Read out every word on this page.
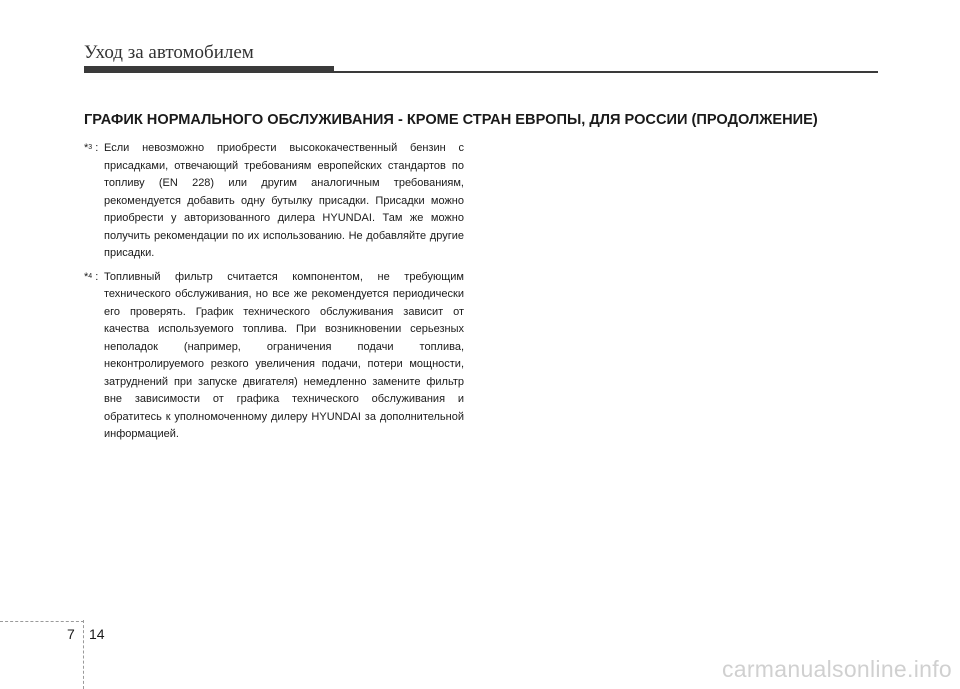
Уход за автомобилем
ГРАФИК НОРМАЛЬНОГО ОБСЛУЖИВАНИЯ - КРОМЕ СТРАН ЕВРОПЫ, ДЛЯ РОССИИ (ПРОДОЛЖЕНИЕ)
*$^3$ : Если невозможно приобрести высококачественный бензин с присадками, отвечающий требованиям европейских стандартов по топливу (EN 228) или другим аналогичным требованиям, рекомендуется добавить одну бутылку присадки. Присадки можно приобрести у авторизованного дилера HYUNDAI. Там же можно получить рекомендации по их использованию. Не добавляйте другие присадки.
*$^4$ : Топливный фильтр считается компонентом, не требующим технического обслуживания, но все же рекомендуется периодически его проверять. График технического обслуживания зависит от качества используемого топлива. При возникновении серьезных неполадок (например, ограничения подачи топлива, неконтролируемого резкого увеличения подачи, потери мощности, затруднений при запуске двигателя) немедленно замените фильтр вне зависимости от графика технического обслуживания и обратитесь к уполномоченному дилеру HYUNDAI за дополнительной информацией.
7 14
carmanualsonline.info
